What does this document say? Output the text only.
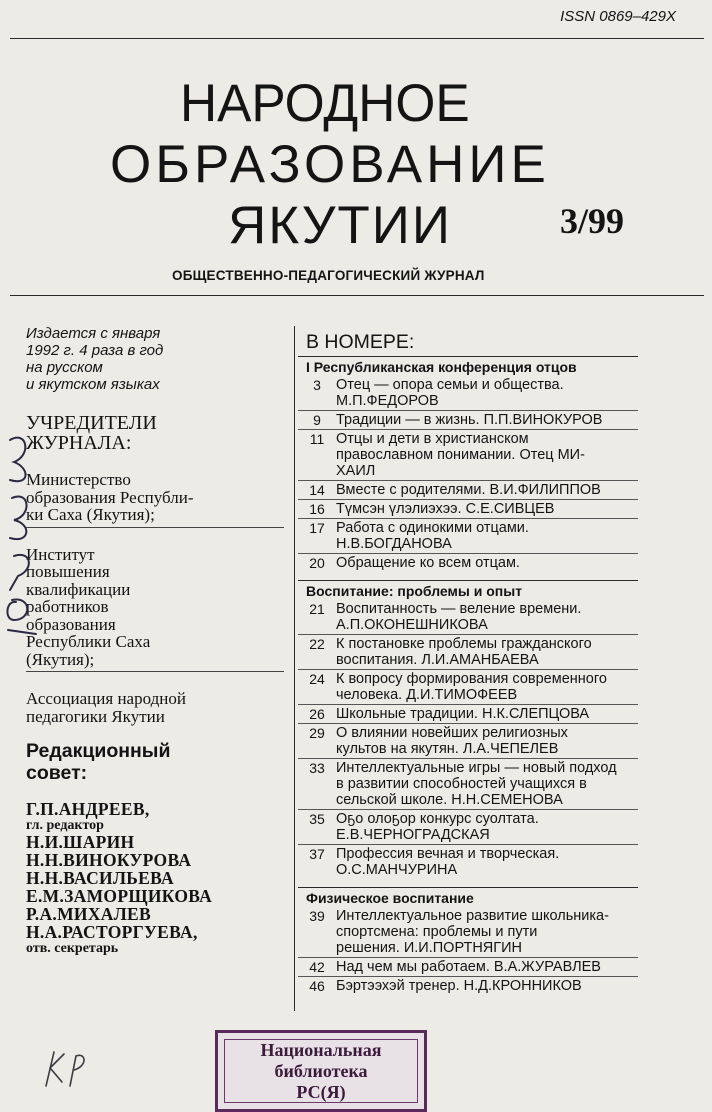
ISSN 0869–429X
НАРОДНОЕ
ОБРАЗОВАНИЕ
ЯКУТИИ	3/99
ОБЩЕСТВЕННО-ПЕДАГОГИЧЕСКИЙ ЖУРНАЛ
Издается с января
1992 г. 4 раза в год
на русском
и якутском языках
УЧРЕДИТЕЛИ
ЖУРНАЛА:
Министерство
образования Республи-
ки Саха (Якутия);
Институт
повышения
квалификации
работников
образования
Республики Саха
(Якутия);
Ассоциация народной
педагогики Якутии
Редакционный
совет:
Г.П.АНДРЕЕВ,
гл. редактор
Н.И.ШАРИН
Н.Н.ВИНОКУРОВА
Н.Н.ВАСИЛЬЕВА
Е.М.ЗАМОРЩИКОВА
Р.А.МИХАЛЕВ
Н.А.РАСТОРГУЕВА,
отв. секретарь
В НОМЕРЕ:
I Республиканская конференция отцов
3	Отец — опора семьи и общества.
М.П.ФЕДОРОВ
9	Традиции — в жизнь. П.П.ВИНОКУРОВ
11 Отцы и дети в христианском
православном понимании. Отец МИ-
ХАИЛ
14 Вместе с родителями. В.И.ФИЛИППОВ
16 Түмсэн үлэлиэхээ. С.Е.СИВЦЕВ
17 Работа с одинокими отцами.
Н.В.БОГДАНОВА
20 Обращение ко всем отцам.
Воспитание: проблемы и опыт
21 Воспитанность — веление времени.
А.П.ОКОНЕШНИКОВА
22 К постановке проблемы гражданского
воспитания. Л.И.АМАНБАЕВА
24 К вопросу формирования современного
человека. Д.И.ТИМОФЕЕВ
26 Школьные традиции. Н.К.СЛЕПЦОВА
29 О влиянии новейших религиозных
культов на якутян. Л.А.ЧЕПЕЛЕВ
33 Интеллектуальные игры — новый подход
в развитии способностей учащихся в
сельской школе. Н.Н.СЕМЕНОВА
35 Оҕо олоҕор конкурс суолтата.
Е.В.ЧЕРНОГРАДСКАЯ
37 Профессия вечная и творческая.
О.С.МАНЧУРИНА
Физическое воспитание
39 Интеллектуальное развитие школьника-
спортсмена: проблемы и пути
решения. И.И.ПОРТНЯГИН
42 Над чем мы работаем. В.А.ЖУРАВЛЕВ
46 Бэртээхэй тренер. Н.Д.КРОННИКОВ
Национальная
библиотека
РС(Я)
